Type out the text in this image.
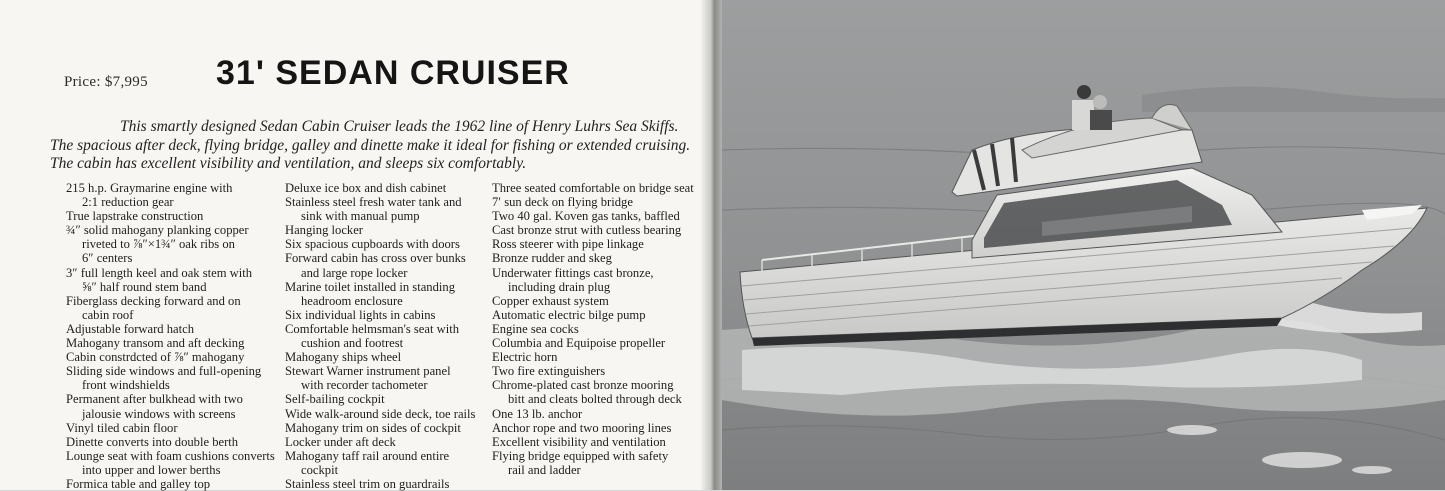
Price: $7,995 31' SEDAN CRUISER
This smartly designed Sedan Cabin Cruiser leads the 1962 line of Henry Luhrs Sea Skiffs.
The spacious after deck, flying bridge, galley and dinette make it ideal for fishing or extended cruising.
The cabin has excellent visibility and ventilation, and sleeps six comfortably.
215 h.p. Graymarine engine with
2:1 reduction gear
True lapstrake construction
¾″ solid mahogany planking copper
riveted to ⅞″×1¾″ oak ribs on
6″ centers
3″ full length keel and oak stem with
⅝″ half round stem band
Fiberglass decking forward and on
cabin roof
Adjustable forward hatch
Mahogany transom and aft decking
Cabin constrdcted of ⅞″ mahogany
Sliding side windows and full-opening
front windshields
Permanent after bulkhead with two
jalousie windows with screens
Vinyl tiled cabin floor
Dinette converts into double berth
Lounge seat with foam cushions converts
into upper and lower berths
Formica table and galley top
Deluxe ice box and dish cabinet
Stainless steel fresh water tank and
sink with manual pump
Hanging locker
Six spacious cupboards with doors
Forward cabin has cross over bunks
and large rope locker
Marine toilet installed in standing
headroom enclosure
Six individual lights in cabins
Comfortable helmsman's seat with
cushion and footrest
Mahogany ships wheel
Stewart Warner instrument panel
with recorder tachometer
Self-bailing cockpit
Wide walk-around side deck, toe rails
Mahogany trim on sides of cockpit
Locker under aft deck
Mahogany taff rail around entire
cockpit
Stainless steel trim on guardrails
Three seated comfortable on bridge seat
7′ sun deck on flying bridge
Two 40 gal. Koven gas tanks, baffled
Cast bronze strut with cutless bearing
Ross steerer with pipe linkage
Bronze rudder and skeg
Underwater fittings cast bronze,
including drain plug
Copper exhaust system
Automatic electric bilge pump
Engine sea cocks
Columbia and Equipoise propeller
Electric horn
Two fire extinguishers
Chrome-plated cast bronze mooring
bitt and cleats bolted through deck
One 13 lb. anchor
Anchor rope and two mooring lines
Excellent visibility and ventilation
Flying bridge equipped with safety
rail and ladder
